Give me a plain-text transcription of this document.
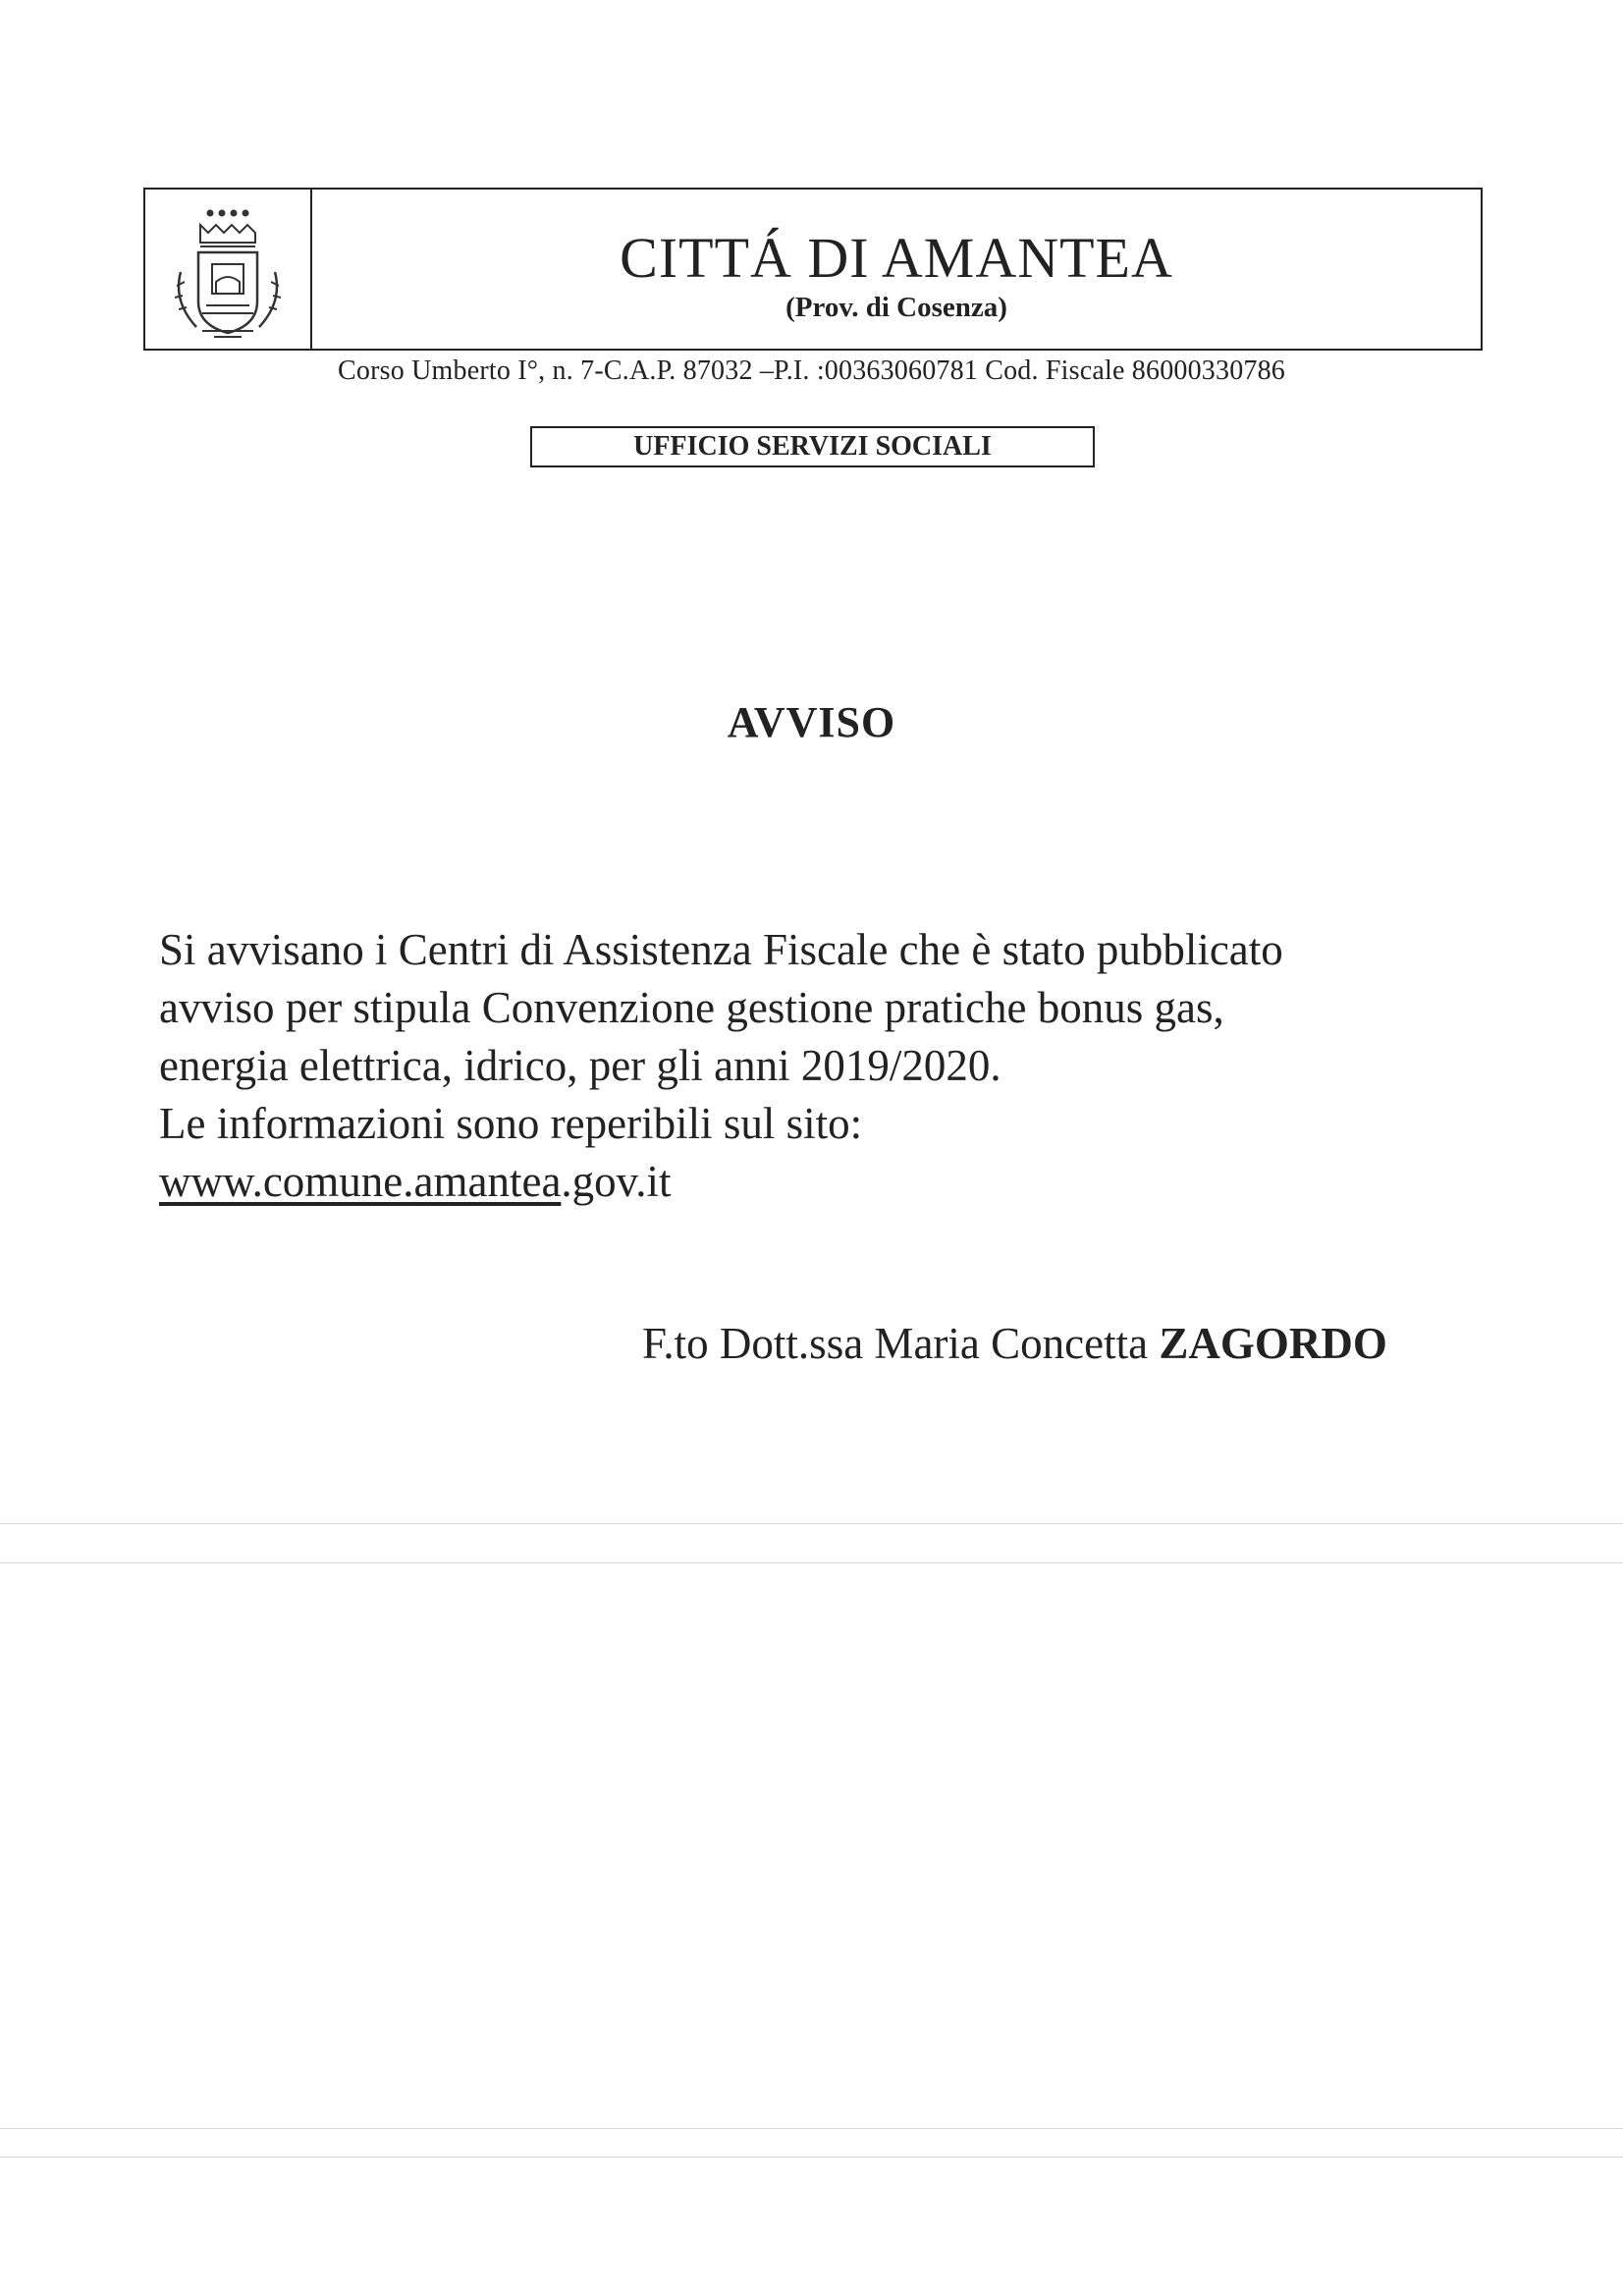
CITTÁ DI AMANTEA
(Prov. di Cosenza)
Corso Umberto I°, n. 7-C.A.P. 87032 –P.I. :00363060781 Cod. Fiscale 86000330786
UFFICIO SERVIZI SOCIALI
AVVISO

Si avvisano i Centri di Assistenza Fiscale che è stato pubblicato

avviso per stipula Convenzione gestione pratiche bonus gas,

energia elettrica, idrico, per gli anni 2019/2020.

Le informazioni sono reperibili sul sito:

www.comune.amantea.gov.it

F.to Dott.ssa Maria Concetta ZAGORDO
